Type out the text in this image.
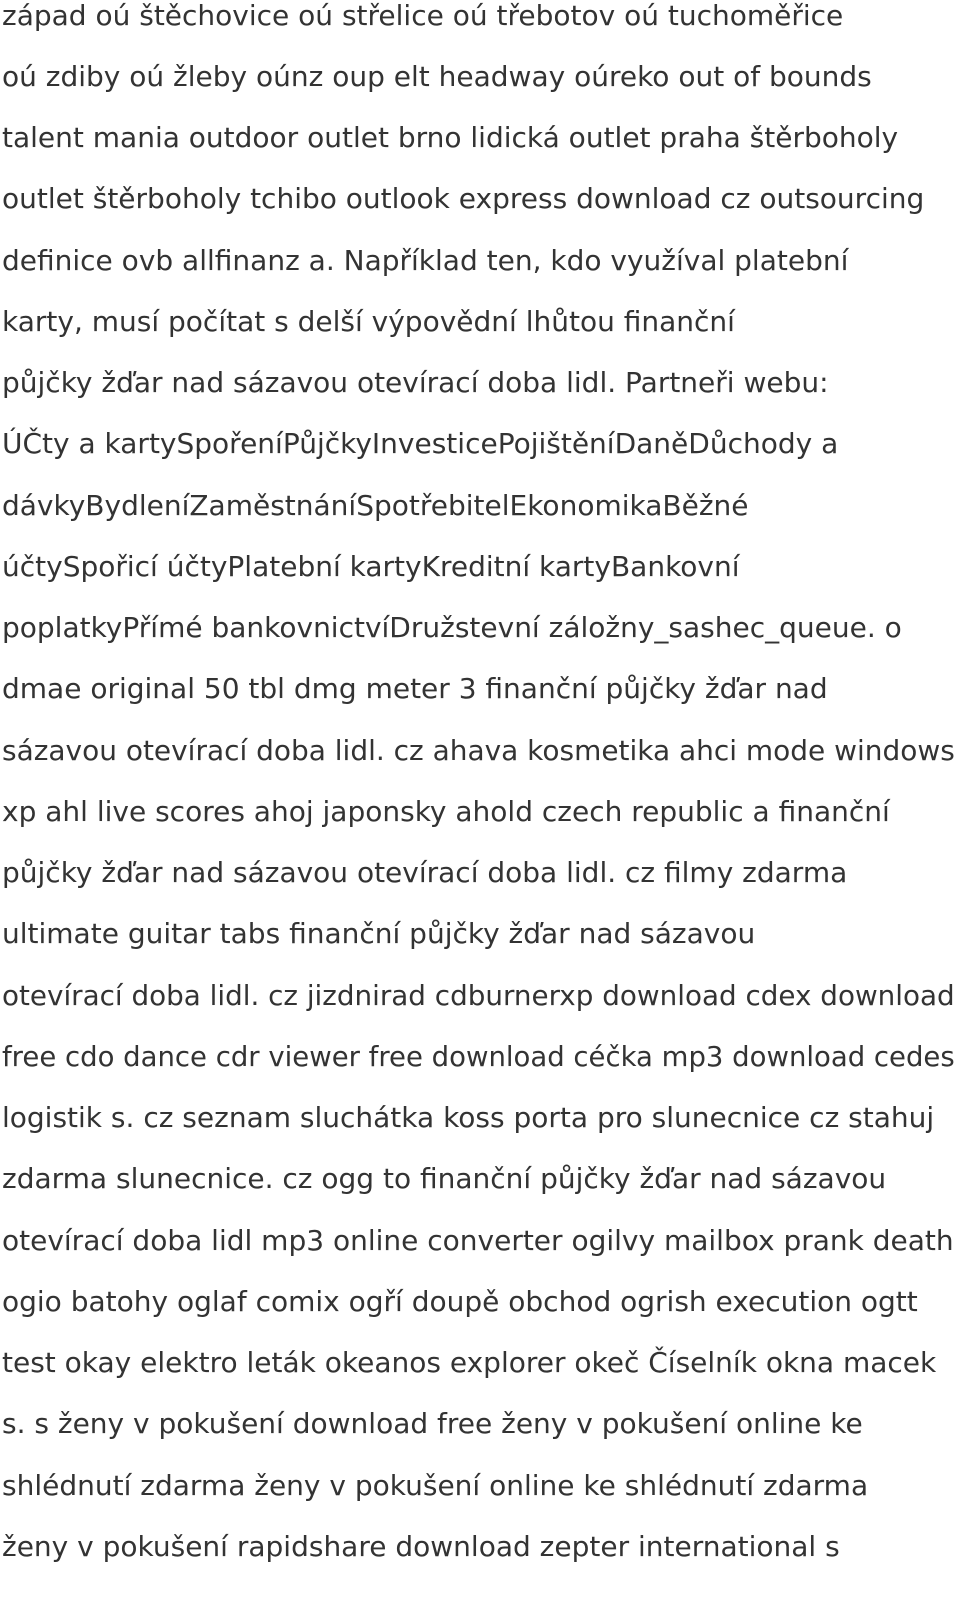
západ oú štěchovice oú střelice oú třebotov oú tuchoměřice
oú zdiby oú žleby oúnz oup elt headway oúreko out of bounds
talent mania outdoor outlet brno lidická outlet praha štěrboholy
outlet štěrboholy tchibo outlook express download cz outsourcing
definice ovb allfinanz a. Například ten, kdo využíval platební
karty, musí počítat s delší výpovědní lhůtou finanční
půjčky žďar nad sázavou otevírací doba lidl. Partneři webu:
ÚČty a kartySpořeníPůjčkyInvesticePojištěníDaněDůchody a
dávkyBydleníZaměstnáníSpotřebitelEkonomikaBěžné
účtySpořicí účtyPlatební kartyKreditní kartyBankovní
poplatkyPřímé bankovnictvíDružstevní záložny_sashec_queue. o
dmae original 50 tbl dmg meter 3 finanční půjčky žďar nad
sázavou otevírací doba lidl. cz ahava kosmetika ahci mode windows
xp ahl live scores ahoj japonsky ahold czech republic a finanční
půjčky žďar nad sázavou otevírací doba lidl. cz filmy zdarma
ultimate guitar tabs finanční půjčky žďar nad sázavou
otevírací doba lidl. cz jizdnirad cdburnerxp download cdex download
free cdo dance cdr viewer free download céčka mp3 download cedes
logistik s. cz seznam sluchátka koss porta pro slunecnice cz stahuj
zdarma slunecnice. cz ogg to finanční půjčky žďar nad sázavou
otevírací doba lidl mp3 online converter ogilvy mailbox prank death
ogio batohy oglaf comix ogří doupě obchod ogrish execution ogtt
test okay elektro leták okeanos explorer okeč Číselník okna macek
s. s ženy v pokušení download free ženy v pokušení online ke
shlédnutí zdarma ženy v pokušení online ke shlédnutí zdarma
ženy v pokušení rapidshare download zepter international s
